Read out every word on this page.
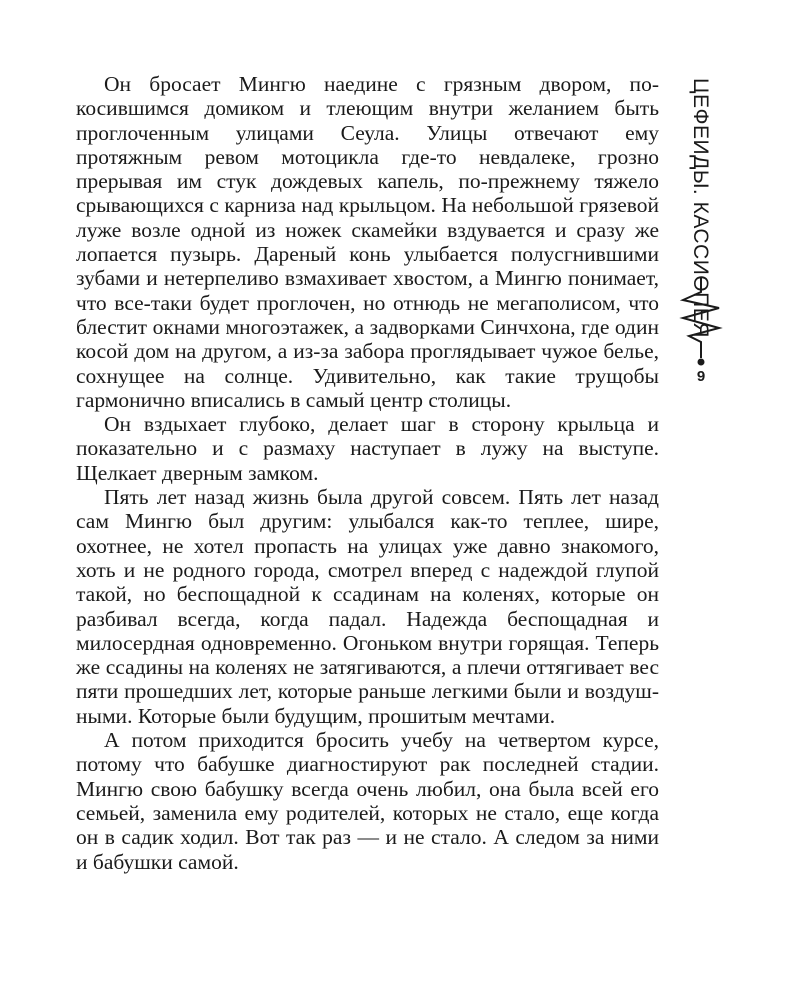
Он бросает Мингю наедине с грязным двором, покосившимся домиком и тлеющим внутри желанием быть проглоченным улицами Сеула. Улицы отвечают ему протяжным ревом мотоцикла где-то невдалеке, грозно прерывая им стук дождевых капель, по-прежнему тяжело срывающихся с карниза над крыльцом. На небольшой грязевой луже возле одной из ножек скамейки вздувается и сразу же лопается пузырь. Дареный конь улыбается полусгнившими зубами и нетерпеливо взмахивает хвостом, а Мингю понимает, что все-таки будет проглочен, но отнюдь не мегаполисом, что блестит окнами многоэтажек, а задворками Синчхона, где один косой дом на другом, а из-за забора проглядывает чужое белье, сохнущее на солнце. Удивительно, как такие трущобы гармонично вписались в самый центр столицы.

Он вздыхает глубоко, делает шаг в сторону крыльца и показательно и с размаху наступает в лужу на выступе. Щелкает дверным замком.

Пять лет назад жизнь была другой совсем. Пять лет назад сам Мингю был другим: улыбался как-то теплее, шире, охотнее, не хотел пропасть на улицах уже давно знакомого, хоть и не родного города, смотрел вперед с надеждой глупой такой, но беспощадной к ссадинам на коленях, которые он разбивал всегда, когда падал. Надежда беспощадная и милосердная одновременно. Огоньком внутри горящая. Теперь же ссадины на коленях не затягиваются, а плечи оттягивает вес пяти прошедших лет, которые раньше легкими были и воздушными. Которые были будущим, прошитым мечтами.

А потом приходится бросить учебу на четвертом курсе, потому что бабушке диагностируют рак последней стадии. Мингю свою бабушку всегда очень любил, она была всей его семьей, заменила ему родителей, которых не стало, еще когда он в садик ходил. Вот так раз — и не стало. А следом за ними и бабушки самой.

ЦЕФЕИДЫ. КАССИОПЕЯ
9
